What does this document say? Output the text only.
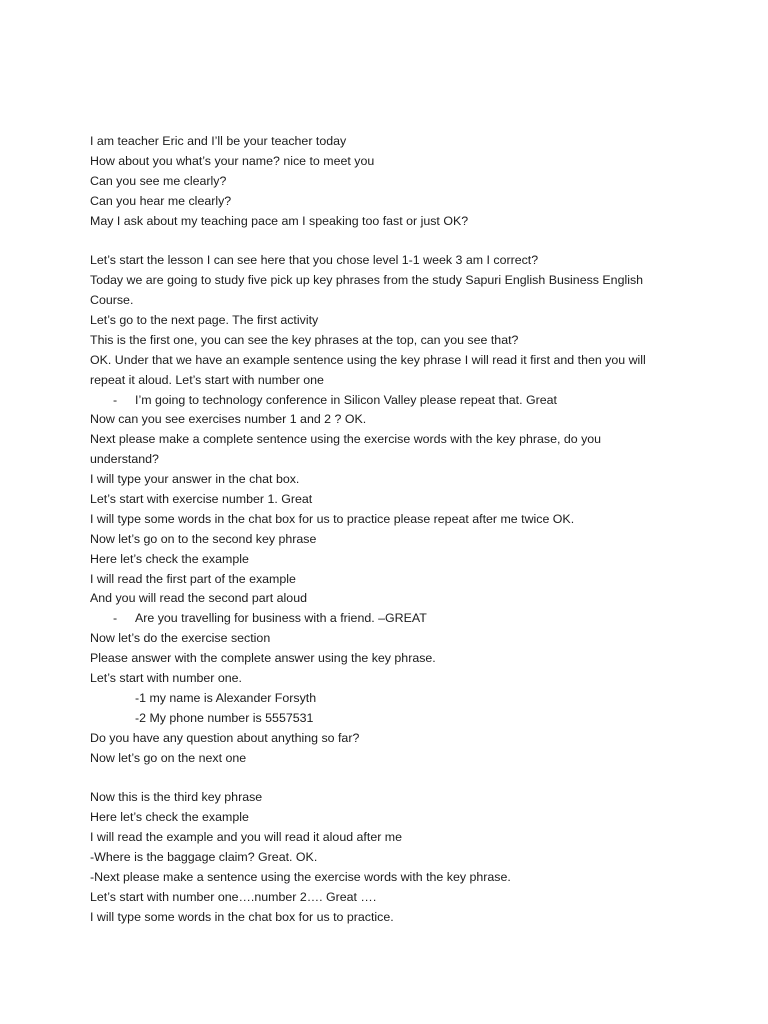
I am teacher Eric and I’ll be your teacher today
How about you what’s your name? nice to meet you
Can you see me clearly?
Can you hear me clearly?
May I ask about my teaching pace am I speaking too fast or just OK?
Let’s start the lesson I can see here that you chose level 1-1 week 3 am I correct?
Today we are going to study five pick up key phrases from the study Sapuri English Business English
Course.
Let’s go to the next page. The first activity
This is the first one, you can see the key phrases at the top, can you see that?
OK. Under that we have an example sentence using the key phrase I will read it first and then you will
repeat it aloud. Let’s start with number one
- I’m going to technology conference in Silicon Valley please repeat that. Great
Now can you see exercises number 1 and 2 ? OK.
Next please make a complete sentence using the exercise words with the key phrase, do you
understand?
I will type your answer in the chat box.
Let’s start with exercise number 1. Great
I will type some words in the chat box for us to practice please repeat after me twice OK.
Now let’s go on to the second key phrase
Here let’s check the example
I will read the first part of the example
And you will read the second part aloud
- Are you travelling for business with a friend. –GREAT
Now let’s do the exercise section
Please answer with the complete answer using the key phrase.
Let’s start with number one.
-1 my name is Alexander Forsyth
-2 My phone number is 5557531
Do you have any question about anything so far?
Now let’s go on the next one
Now this is the third key phrase
Here let’s check the example
I will read the example and you will read it aloud after me
-Where is the baggage claim? Great. OK.
-Next please make a sentence using the exercise words with the key phrase.
Let’s start with number one….number 2…. Great ….
I will type some words in the chat box for us to practice.
